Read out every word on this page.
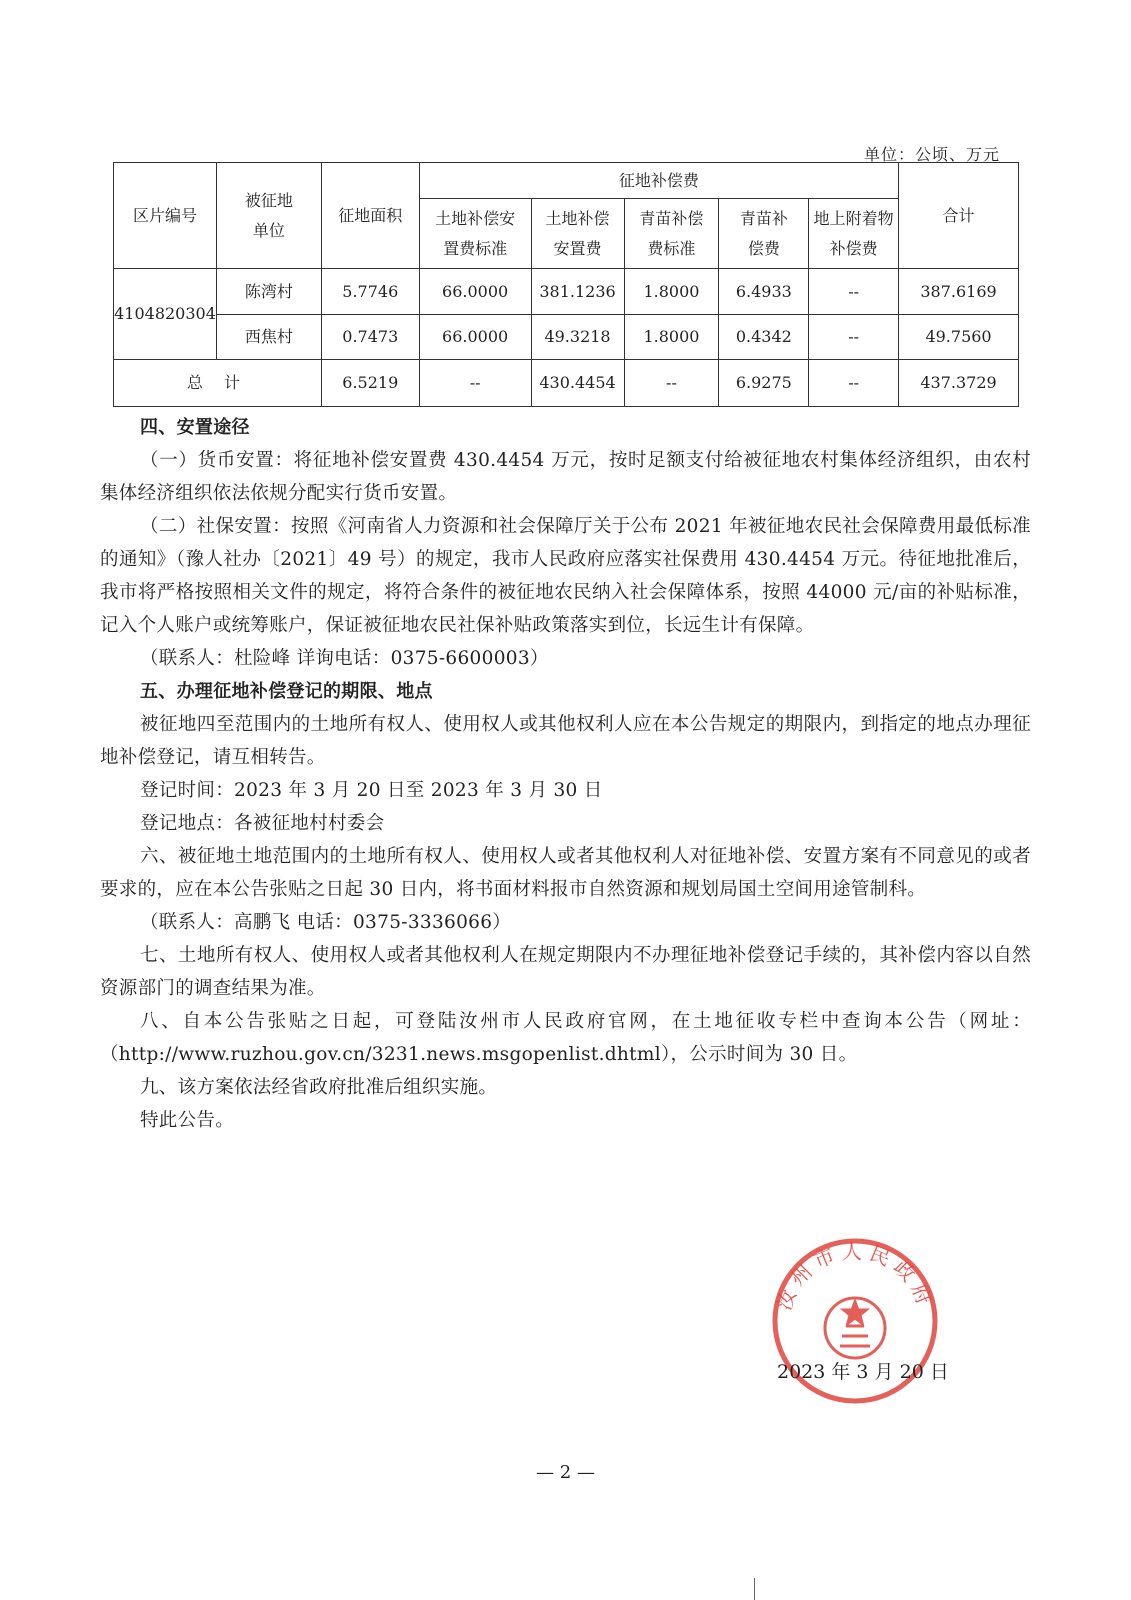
单位：公顷、万元
区片编号	被征地单位	征地面积	征地补偿费					合计
			土地补偿安置费标准	土地补偿安置费	青苗补偿费标准	青苗补偿费	地上附着物补偿费	
4104820304	陈湾村	5.7746	66.0000	381.1236	1.8000	6.4933	--	387.6169
	西焦村	0.7473	66.0000	49.3218	1.8000	0.4342	--	49.7560
总 计		6.5219	--	430.4454	--	6.9275	--	437.3729

四、安置途径

（一）货币安置：将征地补偿安置费 430.4454 万元，按时足额支付给被征地农村集体经济组织，由农村集体经济组织依法依规分配实行货币安置。

（二）社保安置：按照《河南省人力资源和社会保障厅关于公布 2021 年被征地农民社会保障费用最低标准的通知》（豫人社办〔2021〕49 号）的规定，我市人民政府应落实社保费用 430.4454 万元。待征地批准后，我市将严格按照相关文件的规定，将符合条件的被征地农民纳入社会保障体系，按照 44000 元/亩的补贴标准，记入个人账户或统筹账户，保证被征地农民社保补贴政策落实到位，长远生计有保障。

（联系人：杜险峰 详询电话：0375-6600003）

五、办理征地补偿登记的期限、地点

被征地四至范围内的土地所有权人、使用权人或其他权利人应在本公告规定的期限内，到指定的地点办理征地补偿登记，请互相转告。

登记时间：2023 年 3 月 20 日至 2023 年 3 月 30 日

登记地点：各被征地村村委会

六、被征地土地范围内的土地所有权人、使用权人或者其他权利人对征地补偿、安置方案有不同意见的或者要求的，应在本公告张贴之日起 30 日内，将书面材料报市自然资源和规划局国土空间用途管制科。

（联系人：高鹏飞 电话：0375-3336066）

七、土地所有权人、使用权人或者其他权利人在规定期限内不办理征地补偿登记手续的，其补偿内容以自然资源部门的调查结果为准。

八、自本公告张贴之日起，可登陆汝州市人民政府官网，在土地征收专栏中查询本公告（网址：（http://www.ruzhou.gov.cn/3231.news.msgopenlist.dhtml），公示时间为 30 日。

九、该方案依法经省政府批准后组织实施。

特此公告。

汝州市人民政府
2023 年 3 月 20 日
— 2 —
